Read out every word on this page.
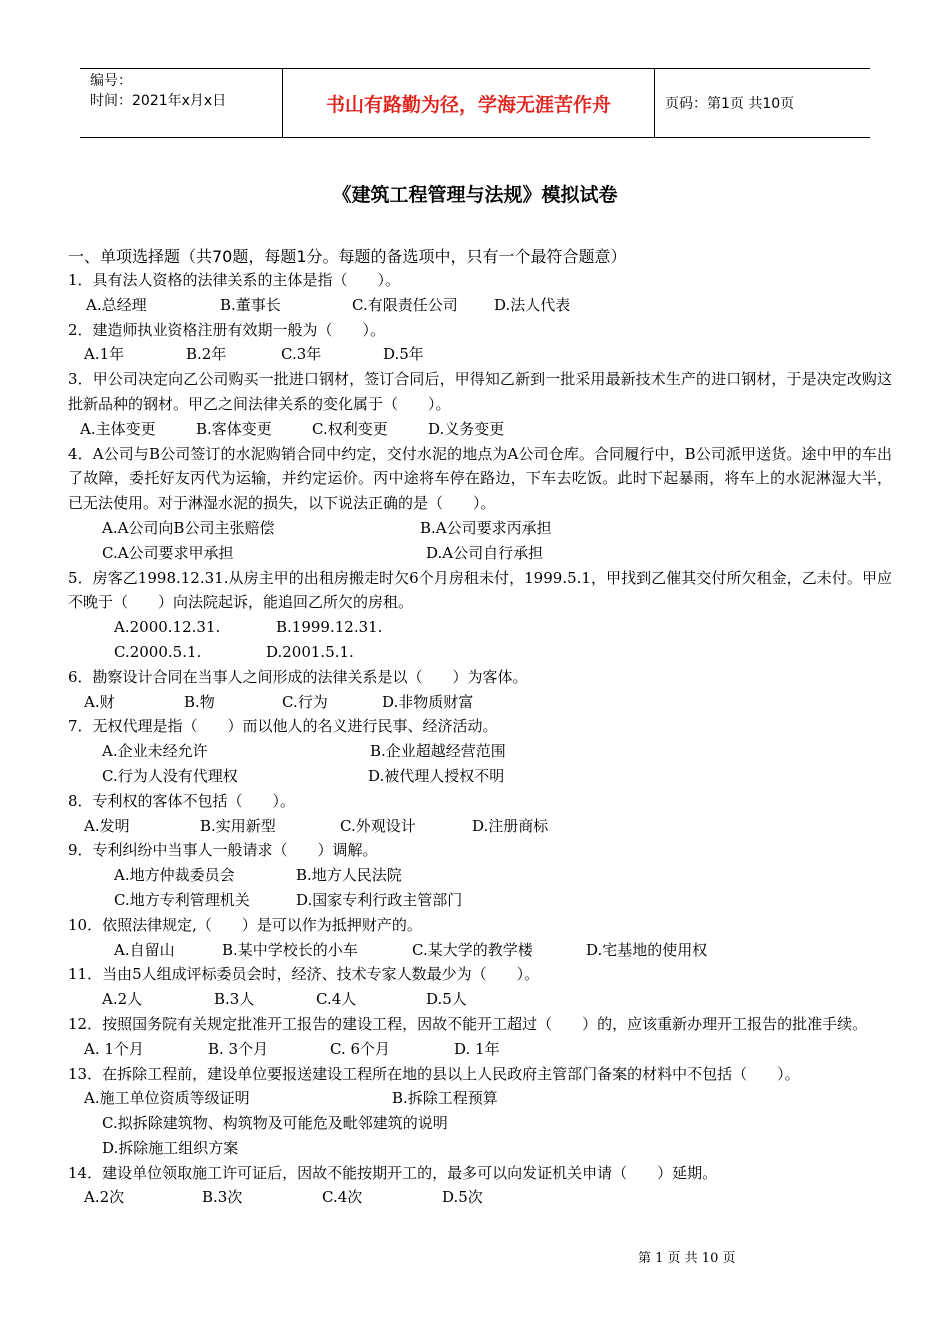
编号：
时间：2021年x月x日	书山有路勤为径，学海无涯苦作舟	页码：第1页 共10页
《建筑工程管理与法规》模拟试卷
一、单项选择题（共70题，每题1分。每题的备选项中，只有一个最符合题意）

1．具有法人资格的法律关系的主体是指（　　）。

A.总经理	B.董事长	C.有限责任公司	D.法人代表

2．建造师执业资格注册有效期一般为（　　）。

A.1年	B.2年	C.3年	D.5年

3．甲公司决定向乙公司购买一批进口钢材，签订合同后，甲得知乙新到一批采用最新技术生产的进口钢材，于是决定改购这批新品种的钢材。甲乙之间法律关系的变化属于（　　）。

A.主体变更	B.客体变更	C.权利变更	D.义务变更

4．A公司与B公司签订的水泥购销合同中约定，交付水泥的地点为A公司仓库。合同履行中，B公司派甲送货。途中甲的车出了故障，委托好友丙代为运输，并约定运价。丙中途将车停在路边，下车去吃饭。此时下起暴雨，将车上的水泥淋湿大半，已无法使用。对于淋湿水泥的损失，以下说法正确的是（　　）。

A.A公司向B公司主张赔偿	B.A公司要求丙承担
C.A公司要求甲承担	D.A公司自行承担

5．房客乙1998.12.31.从房主甲的出租房搬走时欠6个月房租未付，1999.5.1，甲找到乙催其交付所欠租金，乙未付。甲应不晚于（　　）向法院起诉，能追回乙所欠的房租。

A.2000.12.31.	B.1999.12.31.
C.2000.5.1.	D.2001.5.1.

6．勘察设计合同在当事人之间形成的法律关系是以（　　）为客体。

A.财	B.物	C.行为	D.非物质财富

7．无权代理是指（　　）而以他人的名义进行民事、经济活动。

A.企业未经允许	B.企业超越经营范围
C.行为人没有代理权	D.被代理人授权不明

8．专利权的客体不包括（　　）。

A.发明	B.实用新型	C.外观设计	D.注册商标

9．专利纠纷中当事人一般请求（　　）调解。

A.地方仲裁委员会	B.地方人民法院
C.地方专利管理机关	D.国家专利行政主管部门

10．依照法律规定,（　　）是可以作为抵押财产的。

A.自留山	B.某中学校长的小车	C.某大学的教学楼	D.宅基地的使用权

11．当由5人组成评标委员会时，经济、技术专家人数最少为（　　）。

A.2人	B.3人	C.4人	D.5人

12．按照国务院有关规定批准开工报告的建设工程，因故不能开工超过（　　）的，应该重新办理开工报告的批准手续。

A. 1个月	B. 3个月	C. 6个月	D. 1年

13．在拆除工程前，建设单位要报送建设工程所在地的县以上人民政府主管部门备案的材料中不包括（　　）。

A.施工单位资质等级证明	B.拆除工程预算
C.拟拆除建筑物、构筑物及可能危及毗邻建筑的说明
D.拆除施工组织方案

14．建设单位领取施工许可证后，因故不能按期开工的，最多可以向发证机关申请（　　）延期。

A.2次	B.3次	C.4次	D.5次
第 1 页 共 10 页
